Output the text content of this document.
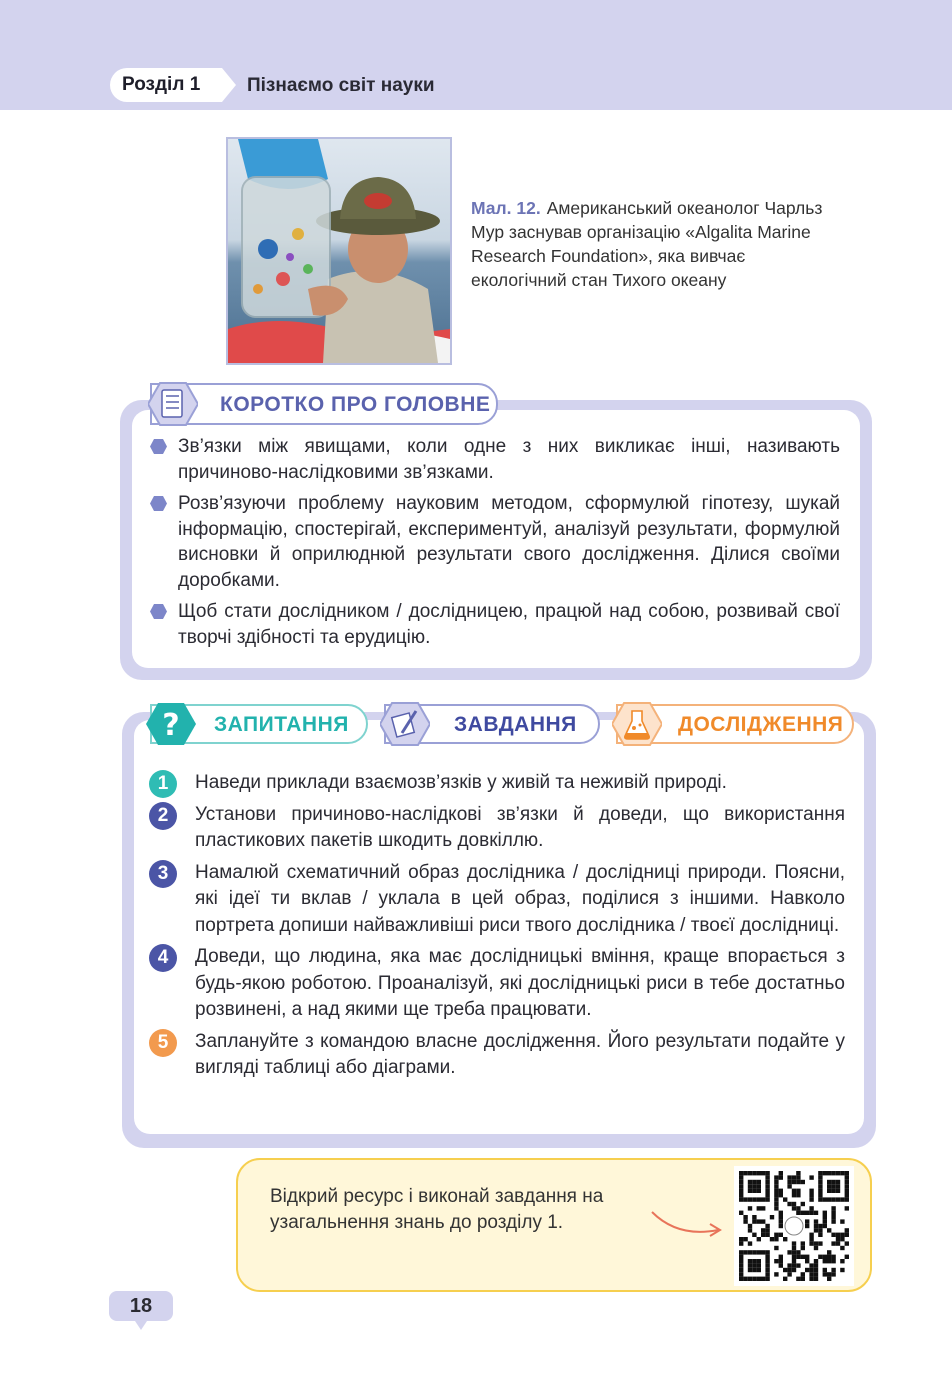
Розділ 1 Пізнаємо світ науки
Мал. 12. Американський океанолог Чарльз Мур заснував організацію «Algalita Marine Research Foundation», яка вивчає екологічний стан Тихого океану
КОРОТКО ПРО ГОЛОВНЕ
Зв’язки між явищами, коли одне з них викликає інші, називають причиново-наслідковими зв’язками.
Розв’язуючи проблему науковим методом, сформулюй гіпотезу, шукай інформацію, спостерігай, експериментуй, аналізуй результати, формулюй висновки й оприлюднюй результати свого дослідження. Ділися своїми доробками.
Щоб стати дослідником / дослідницею, працюй над собою, розвивай свої творчі здібності та ерудицію.
? ЗАПИТАННЯ	ЗАВДАННЯ	ДОСЛІДЖЕННЯ
1	Наведи приклади взаємозв’язків у живій та неживій природі.
2	Установи причиново-наслідкові зв’язки й доведи, що використання пластикових пакетів шкодить довкіллю.
3	Намалюй схематичний образ дослідника / дослідниці природи. Поясни, які ідеї ти вклав / уклала в цей образ, поділися з іншими. Навколо портрета допиши найважливіші риси твого дослідника / твоєї дослідниці.
4	Доведи, що людина, яка має дослідницькі вміння, краще впорається з будь-якою роботою. Проаналізуй, які дослідницькі риси в тебе достатньо розвинені, а над якими ще треба працювати.
5	Заплануйте з командою власне дослідження. Його результати подайте у вигляді таблиці або діаграми.
Відкрий ресурс і виконай завдання на узагальнення знань до розділу 1.
18
